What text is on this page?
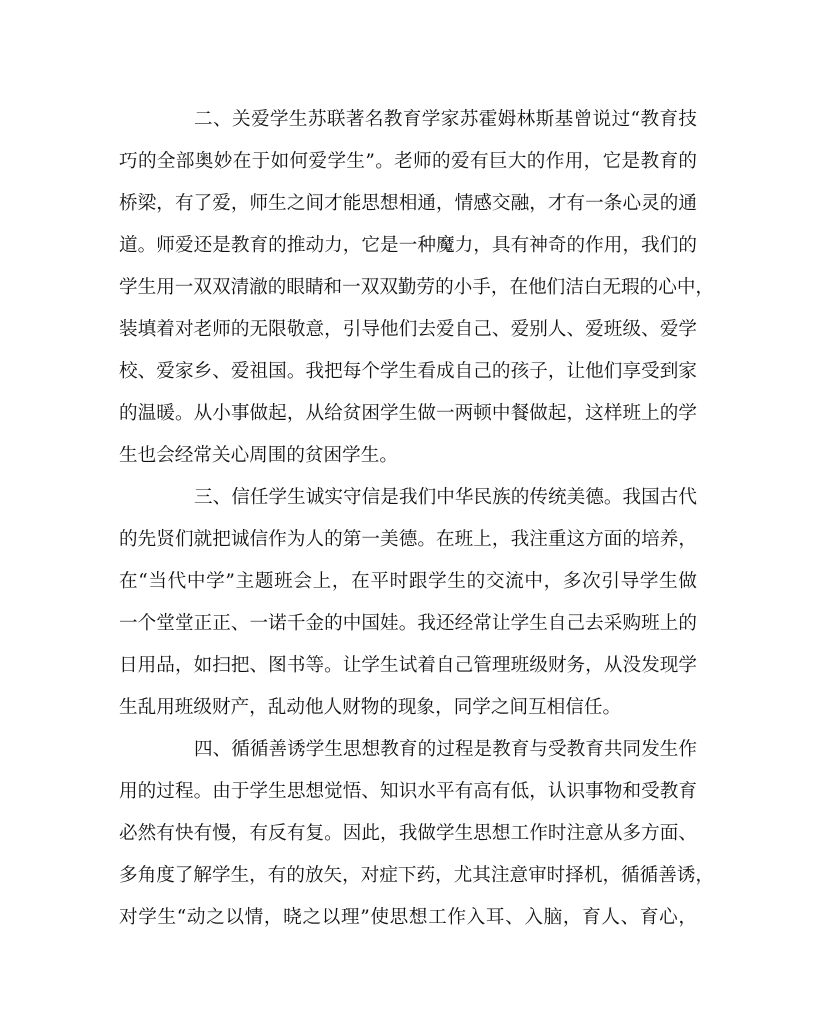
二、关爱学生苏联著名教育学家苏霍姆林斯基曾说过“教育技
巧的全部奥妙在于如何爱学生”。老师的爱有巨大的作用，它是教育的
桥梁，有了爱，师生之间才能思想相通，情感交融，才有一条心灵的通
道。师爱还是教育的推动力，它是一种魔力，具有神奇的作用，我们的
学生用一双双清澈的眼睛和一双双勤劳的小手，在他们洁白无瑕的心中，
装填着对老师的无限敬意，引导他们去爱自己、爱别人、爱班级、爱学
校、爱家乡、爱祖国。我把每个学生看成自己的孩子，让他们享受到家
的温暖。从小事做起，从给贫困学生做一两顿中餐做起，这样班上的学
生也会经常关心周围的贫困学生。
三、信任学生诚实守信是我们中华民族的传统美德。我国古代
的先贤们就把诚信作为人的第一美德。在班上，我注重这方面的培养，
在“当代中学”主题班会上，在平时跟学生的交流中，多次引导学生做
一个堂堂正正、一诺千金的中国娃。我还经常让学生自己去采购班上的
日用品，如扫把、图书等。让学生试着自己管理班级财务，从没发现学
生乱用班级财产，乱动他人财物的现象，同学之间互相信任。
四、循循善诱学生思想教育的过程是教育与受教育共同发生作
用的过程。由于学生思想觉悟、知识水平有高有低，认识事物和受教育
必然有快有慢，有反有复。因此，我做学生思想工作时注意从多方面、
多角度了解学生，有的放矢，对症下药，尤其注意审时择机，循循善诱，
对学生“动之以情，晓之以理”使思想工作入耳、入脑，育人、育心，
